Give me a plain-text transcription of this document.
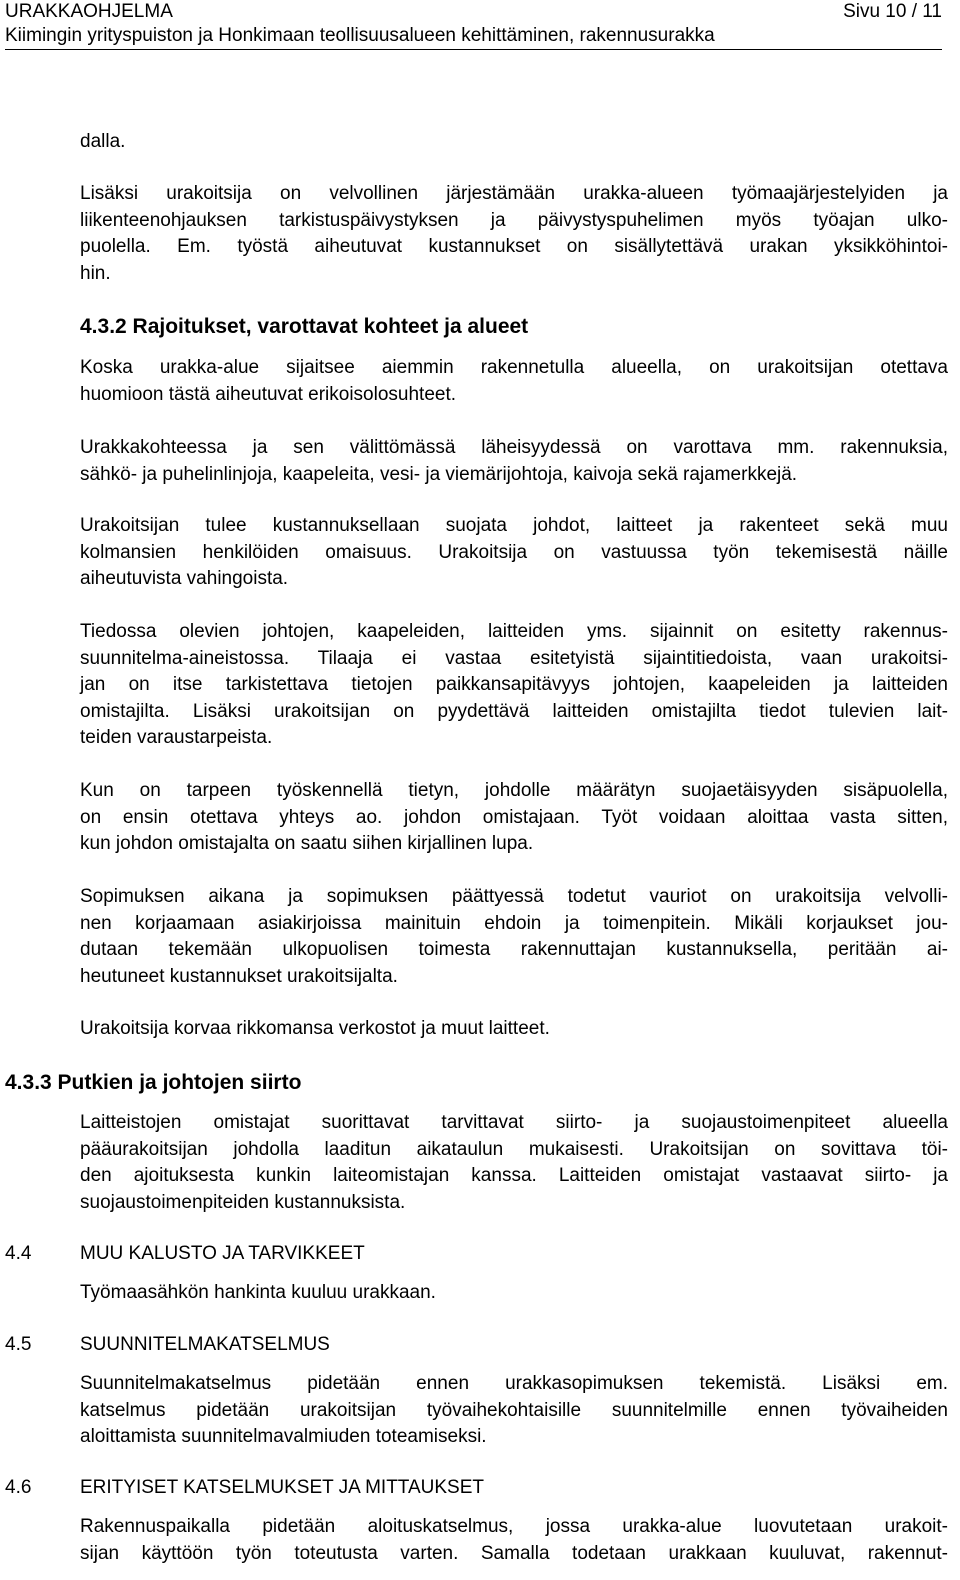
URAKKAOHJELMA	Sivu 10 / 11
Kiimingin yrityspuiston ja Honkimaan teollisuusalueen kehittäminen, rakennusurakka
dalla.
Lisäksi urakoitsija on velvollinen järjestämään urakka-alueen työmaajärjestelyiden ja
liikenteenohjauksen tarkistuspäivystyksen ja päivystyspuhelimen myös työajan ulko-
puolella. Em. työstä aiheutuvat kustannukset on sisällytettävä urakan yksikköhintoi-
hin.
4.3.2 Rajoitukset, varottavat kohteet ja alueet
Koska urakka-alue sijaitsee aiemmin rakennetulla alueella, on urakoitsijan otettava
huomioon tästä aiheutuvat erikoisolosuhteet.
Urakkakohteessa ja sen välittömässä läheisyydessä on varottava mm. rakennuksia,
sähkö- ja puhelinlinjoja, kaapeleita, vesi- ja viemärijohtoja, kaivoja sekä rajamerkkejä.
Urakoitsijan tulee kustannuksellaan suojata johdot, laitteet ja rakenteet sekä muu
kolmansien henkilöiden omaisuus. Urakoitsija on vastuussa työn tekemisestä näille
aiheutuvista vahingoista.
Tiedossa olevien johtojen, kaapeleiden, laitteiden yms. sijainnit on esitetty rakennus-
suunnitelma-aineistossa. Tilaaja ei vastaa esitetyistä sijaintitiedoista, vaan urakoitsi-
jan on itse tarkistettava tietojen paikkansapitävyys johtojen, kaapeleiden ja laitteiden
omistajilta. Lisäksi urakoitsijan on pyydettävä laitteiden omistajilta tiedot tulevien lait-
teiden varaustarpeista.
Kun on tarpeen työskennellä tietyn, johdolle määrätyn suojaetäisyyden sisäpuolella,
on ensin otettava yhteys ao. johdon omistajaan. Työt voidaan aloittaa vasta sitten,
kun johdon omistajalta on saatu siihen kirjallinen lupa.
Sopimuksen aikana ja sopimuksen päättyessä todetut vauriot on urakoitsija velvolli-
nen korjaamaan asiakirjoissa mainituin ehdoin ja toimenpitein. Mikäli korjaukset jou-
dutaan tekemään ulkopuolisen toimesta rakennuttajan kustannuksella, peritään ai-
heutuneet kustannukset urakoitsijalta.
Urakoitsija korvaa rikkomansa verkostot ja muut laitteet.
4.3.3 Putkien ja johtojen siirto
Laitteistojen omistajat suorittavat tarvittavat siirto- ja suojaustoimenpiteet alueella
pääurakoitsijan johdolla laaditun aikataulun mukaisesti. Urakoitsijan on sovittava töi-
den ajoituksesta kunkin laiteomistajan kanssa. Laitteiden omistajat vastaavat siirto- ja
suojaustoimenpiteiden kustannuksista.
4.4	MUU KALUSTO JA TARVIKKEET
Työmaasähkön hankinta kuuluu urakkaan.
4.5	SUUNNITELMAKATSELMUS
Suunnitelmakatselmus pidetään ennen urakkasopimuksen tekemistä. Lisäksi em.
katselmus pidetään urakoitsijan työvaihekohtaisille suunnitelmille ennen työvaiheiden
aloittamista suunnitelmavalmiuden toteamiseksi.
4.6	ERITYISET KATSELMUKSET JA MITTAUKSET
Rakennuspaikalla pidetään aloituskatselmus, jossa urakka-alue luovutetaan urakoit-
sijan käyttöön työn toteutusta varten. Samalla todetaan urakkaan kuuluvat, rakennut-
